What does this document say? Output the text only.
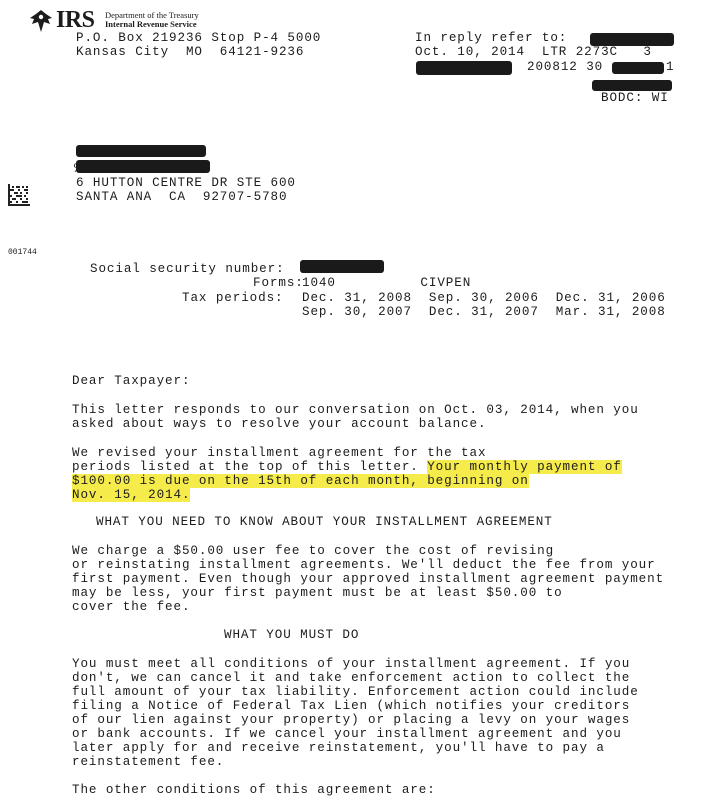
IRS Department of the Treasury
Internal Revenue Service
P.O. Box 219236 Stop P-4 5000
Kansas City  MO  64121-9236
In reply refer to:
Oct. 10, 2014  LTR 2273C   3
200812 30	1
BODC: WI
%
6 HUTTON CENTRE DR STE 600
SANTA ANA  CA  92707-5780
001744
Social security number:
Forms:
1040          CIVPEN
Tax periods: Dec. 31, 2008  Sep. 30, 2006  Dec. 31, 2006
Sep. 30, 2007  Dec. 31, 2007  Mar. 31, 2008
Dear Taxpayer:
This letter responds to our conversation on Oct. 03, 2014, when you
asked about ways to resolve your account balance.
We revised your installment agreement for the tax
periods listed at the top of this letter. Your monthly payment of
$100.00 is due on the 15th of each month, beginning on
Nov. 15, 2014.
WHAT YOU NEED TO KNOW ABOUT YOUR INSTALLMENT AGREEMENT
We charge a $50.00 user fee to cover the cost of revising
or reinstating installment agreements. We'll deduct the fee from your
first payment. Even though your approved installment agreement payment
may be less, your first payment must be at least $50.00 to
cover the fee.
WHAT YOU MUST DO
You must meet all conditions of your installment agreement. If you
don't, we can cancel it and take enforcement action to collect the
full amount of your tax liability. Enforcement action could include
filing a Notice of Federal Tax Lien (which notifies your creditors
of our lien against your property) or placing a levy on your wages
or bank accounts. If we cancel your installment agreement and you
later apply for and receive reinstatement, you'll have to pay a
reinstatement fee.
The other conditions of this agreement are:
